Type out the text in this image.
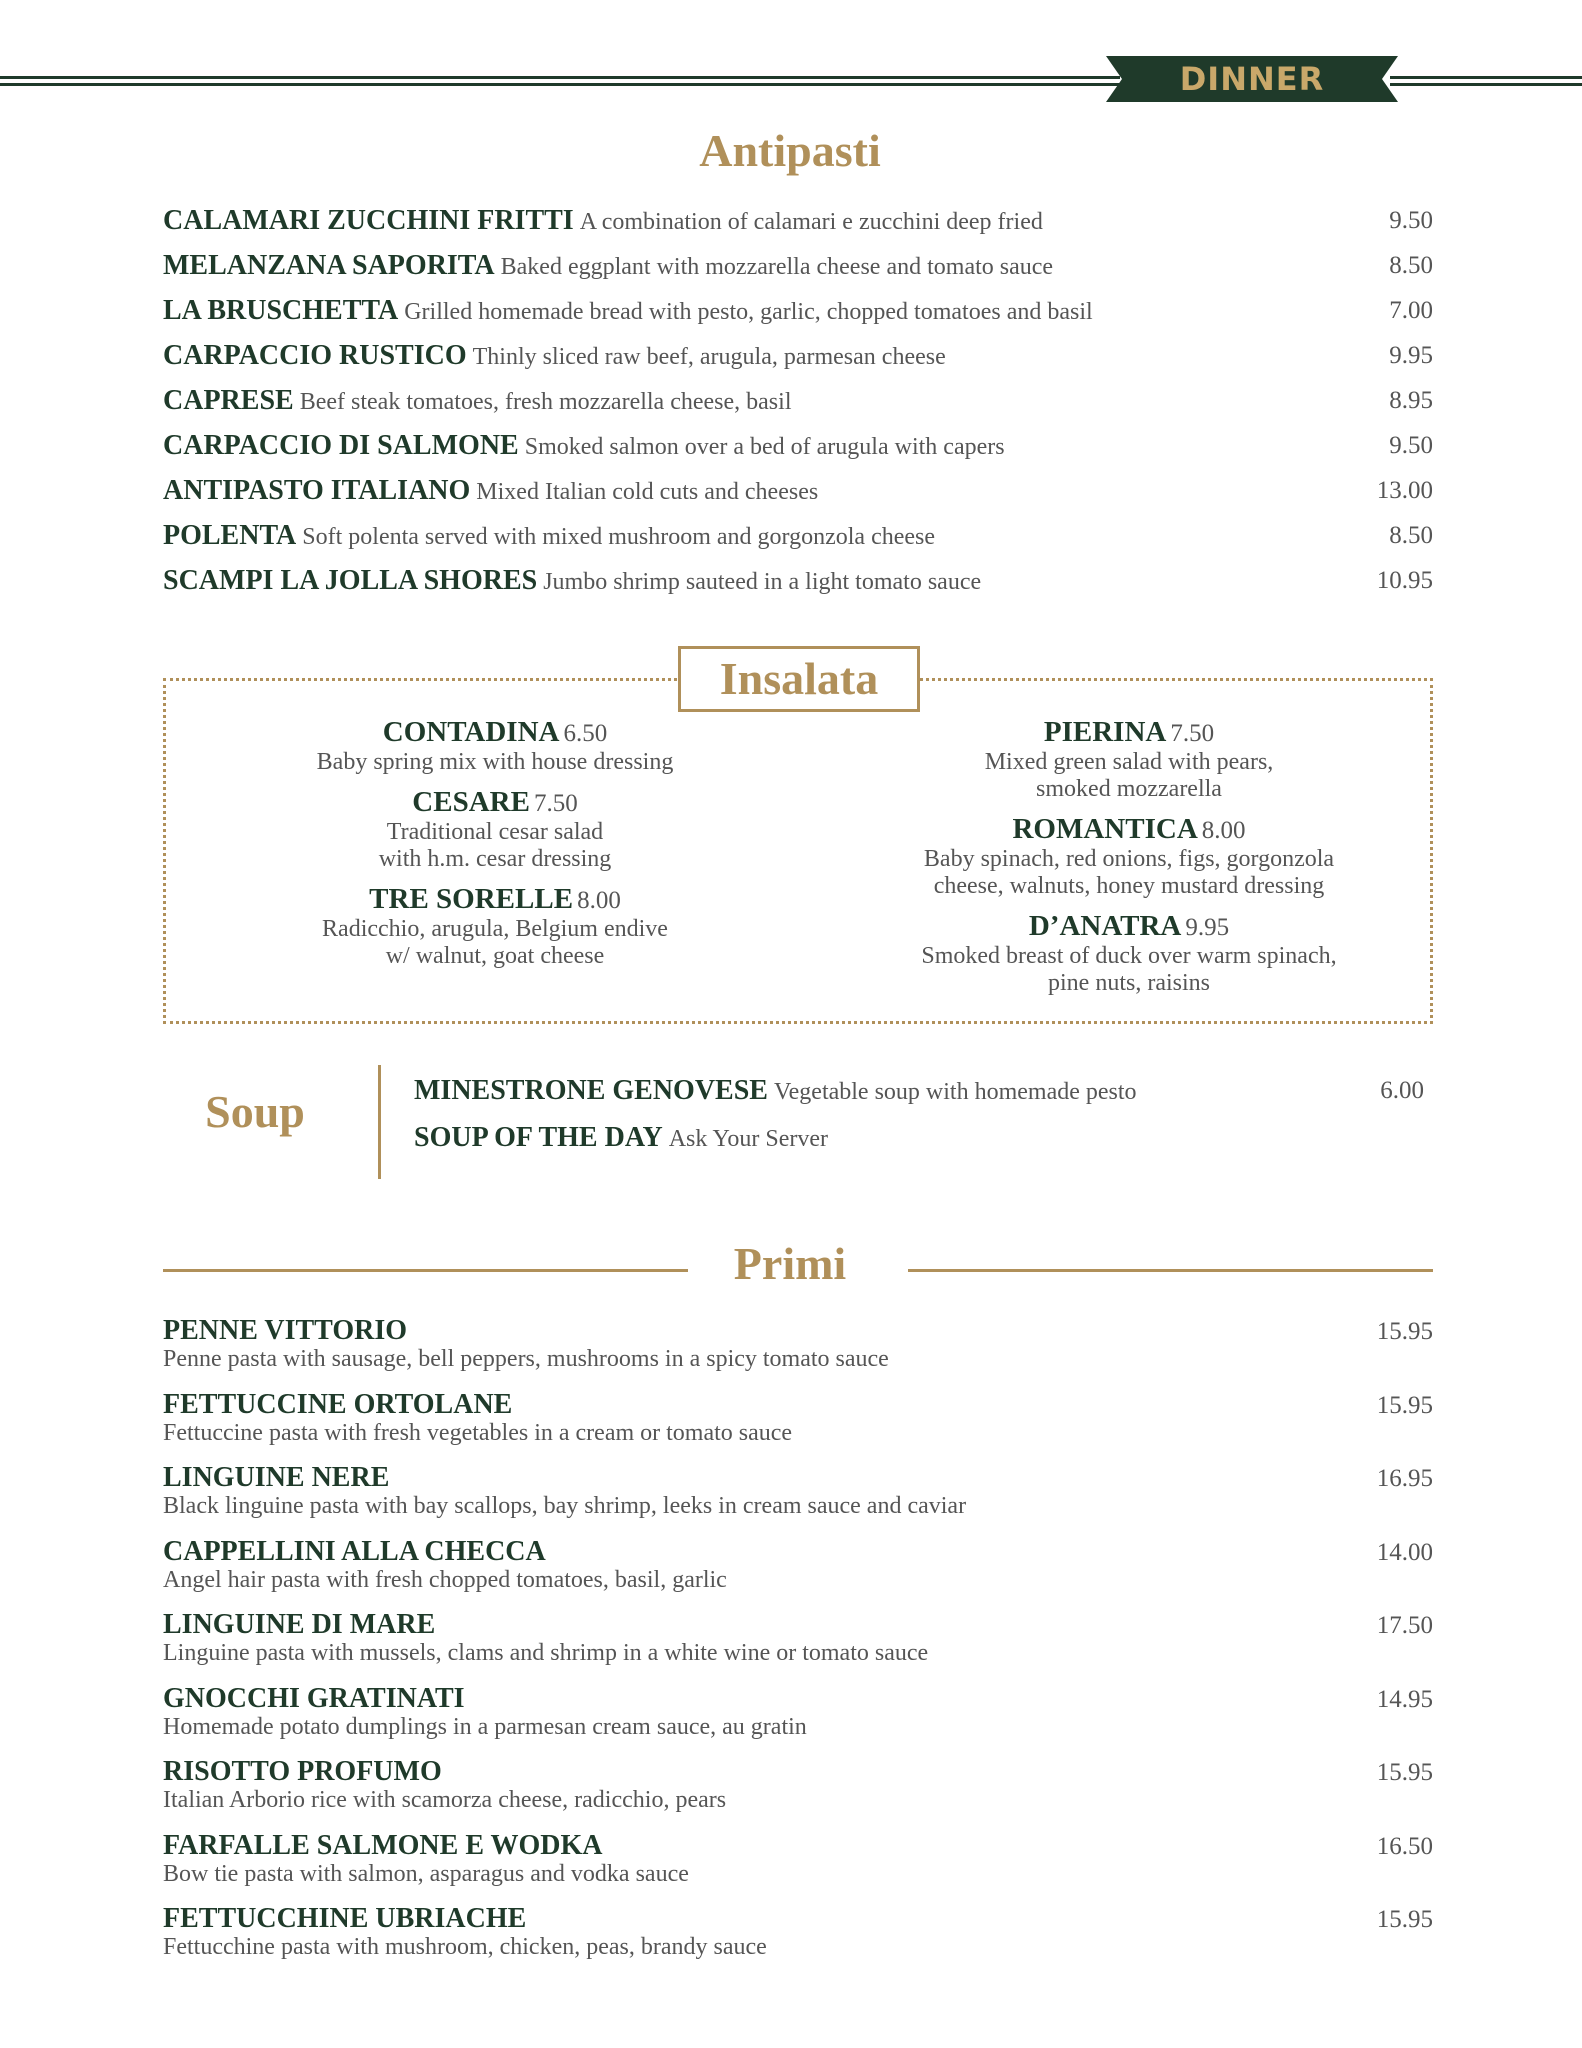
DINNER
Antipasti
CALAMARI ZUCCHINI FRITTI A combination of calamari e zucchini deep fried	9.50
MELANZANA SAPORITA Baked eggplant with mozzarella cheese and tomato sauce	8.50
LA BRUSCHETTA Grilled homemade bread with pesto, garlic, chopped tomatoes and basil	7.00
CARPACCIO RUSTICO Thinly sliced raw beef, arugula, parmesan cheese	9.95
CAPRESE Beef steak tomatoes, fresh mozzarella cheese, basil	8.95
CARPACCIO DI SALMONE Smoked salmon over a bed of arugula with capers	9.50
ANTIPASTO ITALIANO Mixed Italian cold cuts and cheeses	13.00
POLENTA Soft polenta served with mixed mushroom and gorgonzola cheese	8.50
SCAMPI LA JOLLA SHORES Jumbo shrimp sauteed in a light tomato sauce	10.95
Insalata
CONTADINA 6.50
Baby spring mix with house dressing
CESARE 7.50
Traditional cesar salad
with h.m. cesar dressing
TRE SORELLE 8.00
Radicchio, arugula, Belgium endive
w/ walnut, goat cheese
PIERINA 7.50
Mixed green salad with pears,
smoked mozzarella
ROMANTICA 8.00
Baby spinach, red onions, figs, gorgonzola
cheese, walnuts, honey mustard dressing
D’ANATRA 9.95
Smoked breast of duck over warm spinach,
pine nuts, raisins
Soup	MINESTRONE GENOVESE Vegetable soup with homemade pesto	6.00
SOUP OF THE DAY Ask Your Server
Primi
PENNE VITTORIO
Penne pasta with sausage, bell peppers, mushrooms in a spicy tomato sauce
15.95
FETTUCCINE ORTOLANE
Fettuccine pasta with fresh vegetables in a cream or tomato sauce
15.95
LINGUINE NERE
Black linguine pasta with bay scallops, bay shrimp, leeks in cream sauce and caviar
16.95
CAPPELLINI ALLA CHECCA
Angel hair pasta with fresh chopped tomatoes, basil, garlic
14.00
LINGUINE DI MARE
Linguine pasta with mussels, clams and shrimp in a white wine or tomato sauce
17.50
GNOCCHI GRATINATI
Homemade potato dumplings in a parmesan cream sauce, au gratin
14.95
RISOTTO PROFUMO
Italian Arborio rice with scamorza cheese, radicchio, pears
15.95
FARFALLE SALMONE E WODKA
Bow tie pasta with salmon, asparagus and vodka sauce
16.50
FETTUCCHINE UBRIACHE
Fettucchine pasta with mushroom, chicken, peas, brandy sauce
15.95
